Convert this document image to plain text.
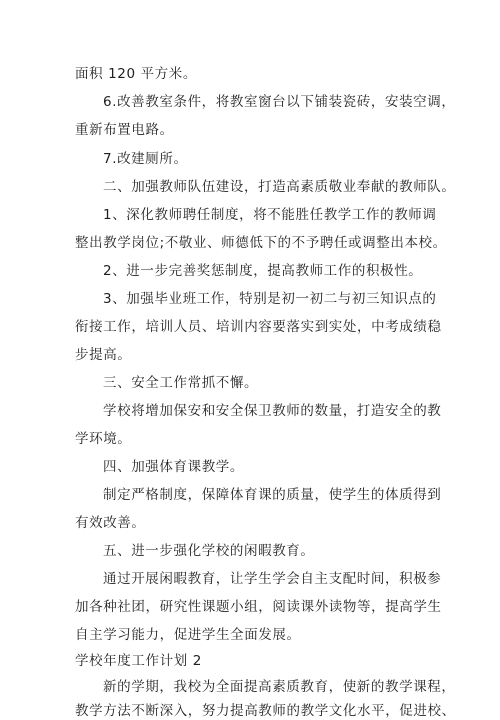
面积 120 平方米。
6.改善教室条件，将教室窗台以下铺装瓷砖，安装空调，
重新布置电路。
7.改建厕所。
二、加强教师队伍建设，打造高素质敬业奉献的教师队。
1、深化教师聘任制度，将不能胜任教学工作的教师调
整出教学岗位;不敬业、师德低下的不予聘任或调整出本校。
2、进一步完善奖惩制度，提高教师工作的积极性。
3、加强毕业班工作，特别是初一初二与初三知识点的
衔接工作，培训人员、培训内容要落实到实处，中考成绩稳
步提高。
三、安全工作常抓不懈。
学校将增加保安和安全保卫教师的数量，打造安全的教
学环境。
四、加强体育课教学。
制定严格制度，保障体育课的质量，使学生的体质得到
有效改善。
五、进一步强化学校的闲暇教育。
通过开展闲暇教育，让学生学会自主支配时间，积极参
加各种社团，研究性课题小组，阅读课外读物等，提高学生
自主学习能力，促进学生全面发展。
学校年度工作计划 2
新的学期，我校为全面提高素质教育，使新的教学课程，
教学方法不断深入，努力提高教师的教学文化水平，促进校、
